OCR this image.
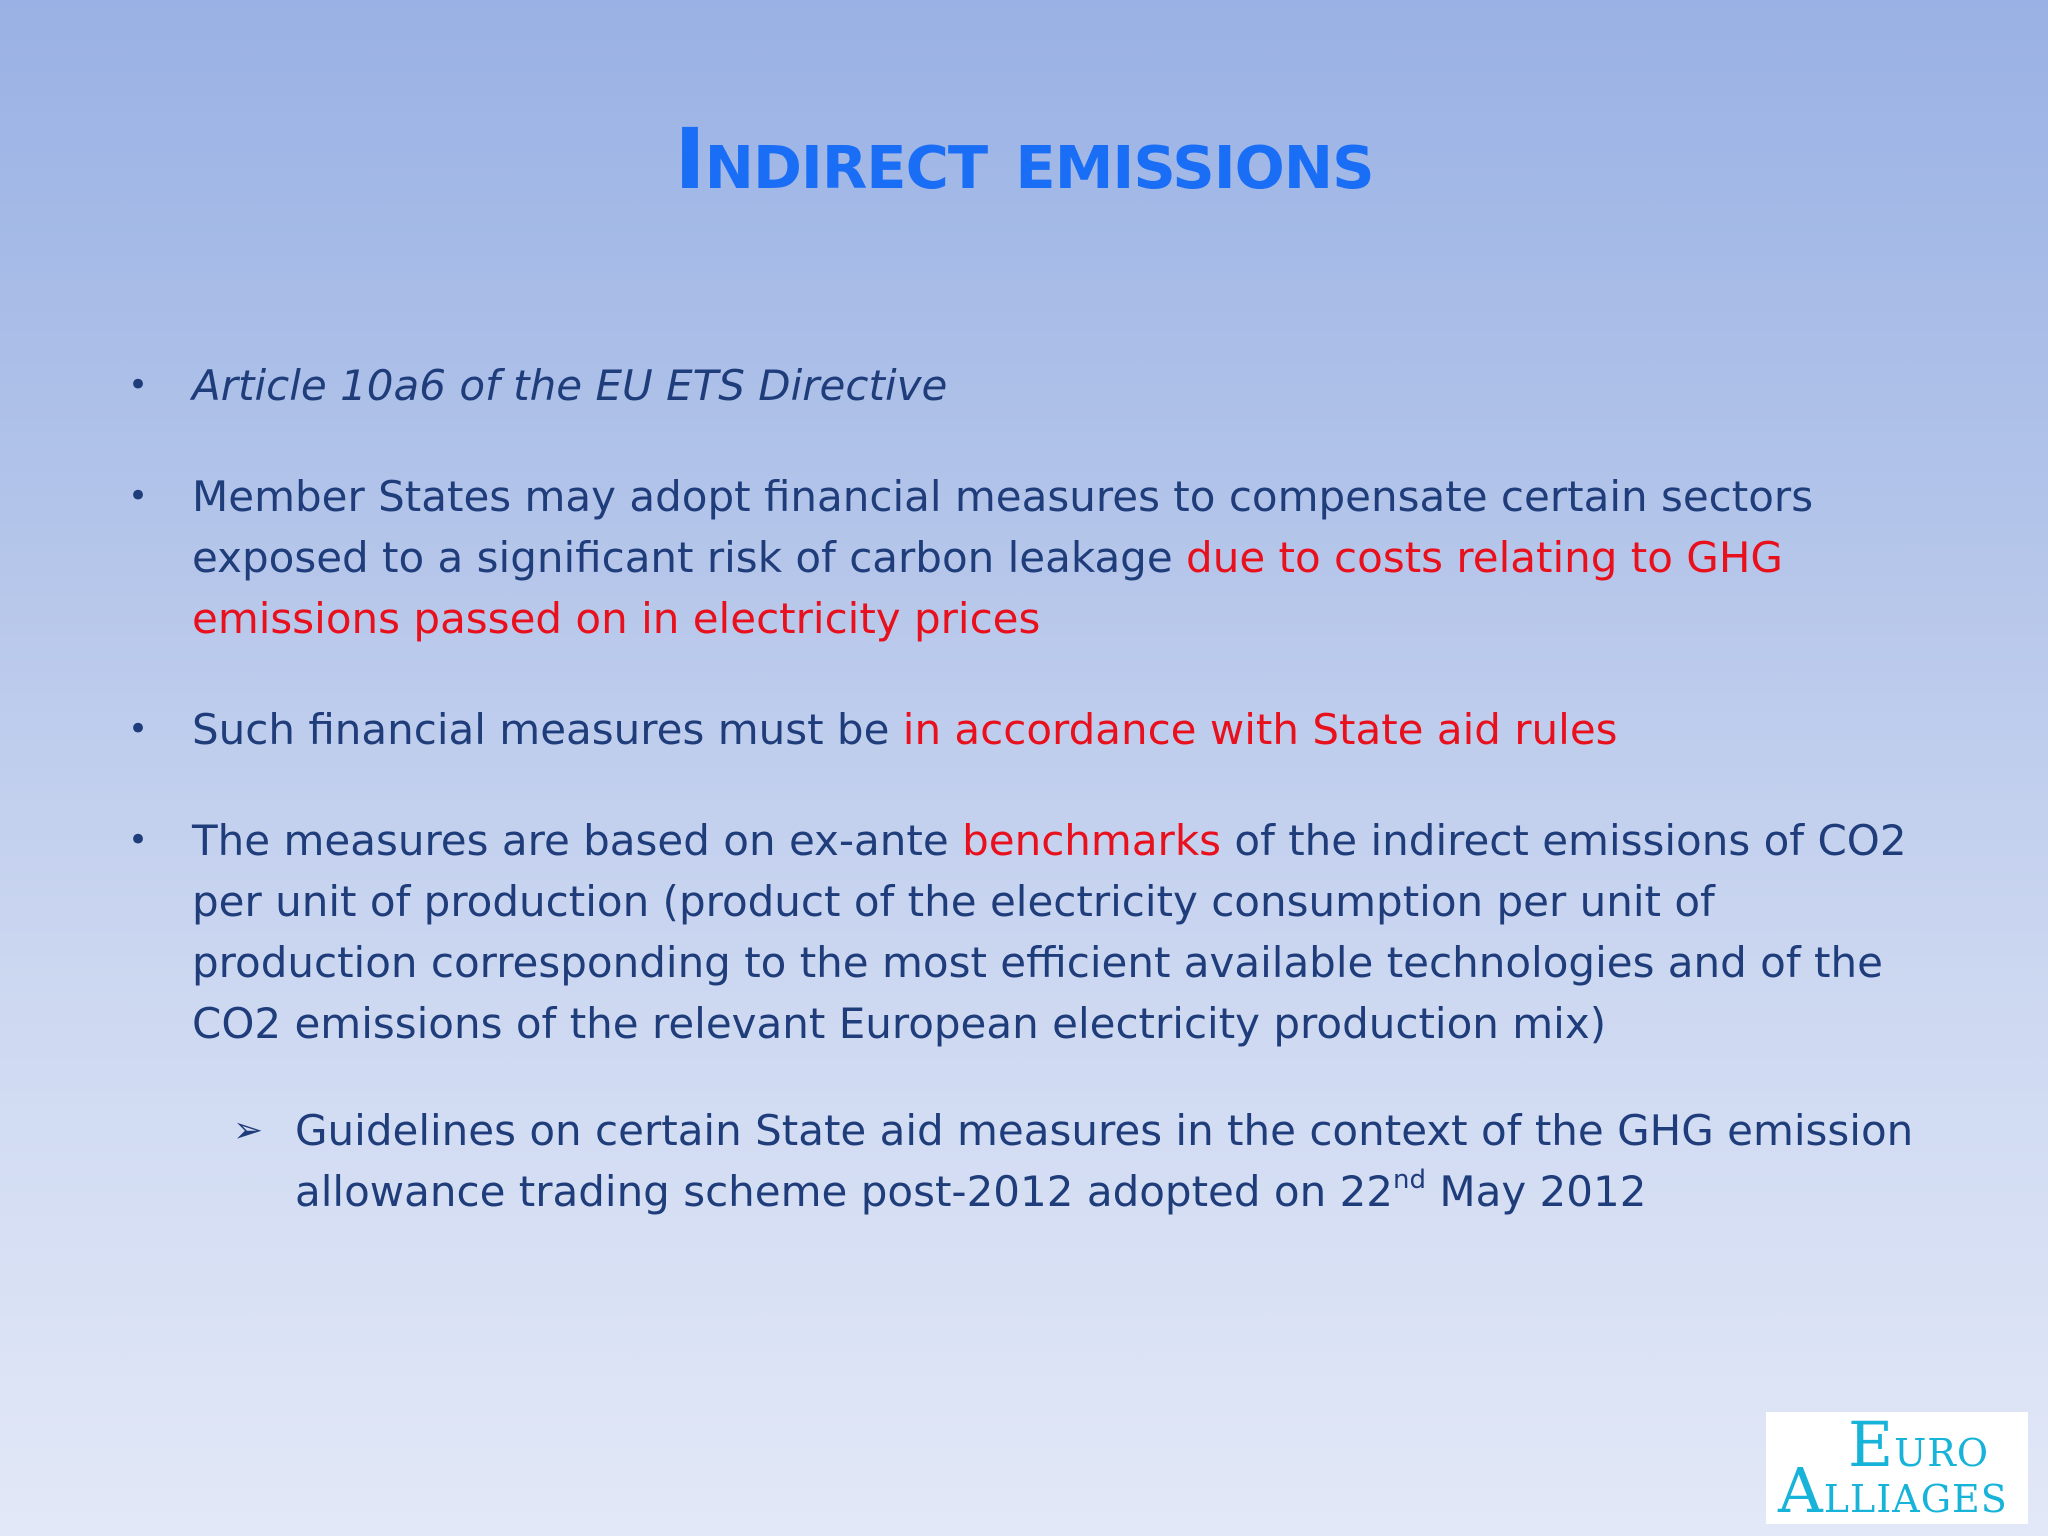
Indirect emissions
• Article 10a6 of the EU ETS Directive
• Member States may adopt financial measures to compensate certain sectors exposed to a significant risk of carbon leakage due to costs relating to GHG emissions passed on in electricity prices
• Such financial measures must be in accordance with State aid rules
• The measures are based on ex-ante benchmarks of the indirect emissions of CO2 per unit of production (product of the electricity consumption per unit of production corresponding to the most efficient available technologies and of the CO2 emissions of the relevant European electricity production mix)
➢ Guidelines on certain State aid measures in the context of the GHG emission allowance trading scheme post-2012 adopted on 22nd May 2012
EURO
ALLIAGES
